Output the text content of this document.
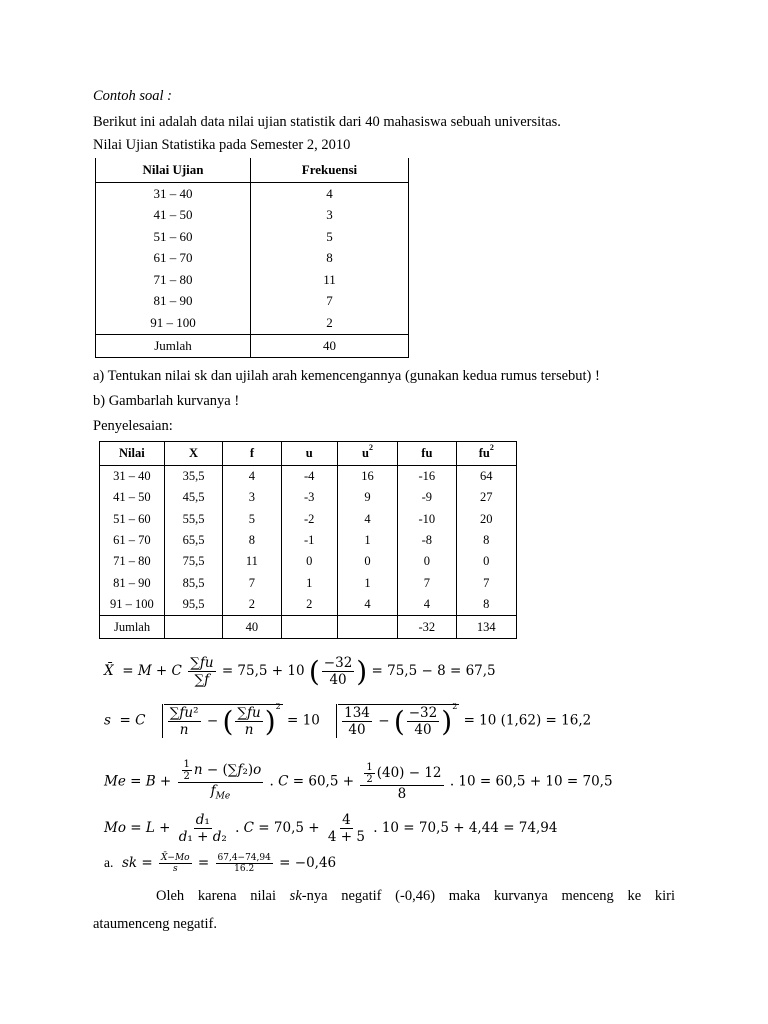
Contoh soal :
Berikut ini adalah data nilai ujian statistik dari 40 mahasiswa sebuah universitas.
Nilai Ujian Statistika pada Semester 2, 2010
Nilai Ujian	Frekuensi
31 – 40	4
41 – 50	3
51 – 60	5
61 – 70	8
71 – 80	11
81 – 90	7
91 – 100	2
Jumlah	40
a) Tentukan nilai sk dan ujilah arah kemencengannya (gunakan kedua rumus tersebut) !
b) Gambarlah kurvanya !
Penyelesaian:
Nilai	X	f	u	$u^2$	fu	$fu^2$
31 – 40	35,5	4	-4	16	-16	64
41 – 50	45,5	3	-3	9	-9	27
51 – 60	55,5	5	-2	4	-10	20
61 – 70	65,5	8	-1	1	-8	8
71 – 80	75,5	11	0	0	0	0
81 – 90	85,5	7	1	1	7	7
91 – 100	95,5	2	2	4	4	8
Jumlah		40			-32	134
X̄  = M + C $\frac{\sum fu}{\sum f} = 75,5 + 10$ ( $\frac{-32}{40}$ ) = 75,5 − 8 = 67,5
s  = C $\frac{\text{∑fu²}}{n}$ − ( $\frac{\sum fu}{n} )^2 = 10 \frac{134}{40}$ − ( $\frac{-32}{40} )^2 = 10$ (1,62) = 16,2
$Me = B + \frac{\frac{1}{2} n - (\sum f_2)o}{f_{Me}}$ . $C = 60,5 + \frac{\frac{1}{2} (40) - 12}{8}$ . 10 = 60,5 + 10 = 70,5
$Mo = L + \frac{\text{d₁}}{\text{d₁ + d₂}}$ . $C = 70,5 + \frac{4}{4 + 5}$ . 10 = 70,5 + 4,44 = 74,94
a. sk = $\frac{X̄-Mo}{s} = \frac{67,4-74,94}{16.2} = -0,46$
Oleh karena nilai sk-nya negatif (-0,46) maka kurvanya menceng ke kiri
ataumenceng negatif.
